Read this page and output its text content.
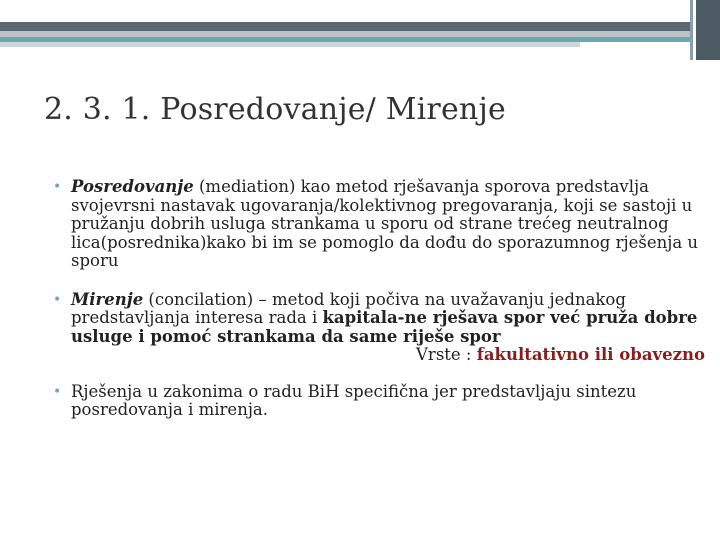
2. 3. 1. Posredovanje/ Mirenje
• Posredovanje (mediation) kao metod rješavanja sporova predstavlja svojevrsni nastavak ugovaranja/kolektivnog pregovaranja, koji se sastoji u pružanju dobrih usluga strankama u sporu od strane trećeg neutralnog lica(posrednika)kako bi im se pomoglo da dođu do sporazumnog rješenja u sporu
• Mirenje (concilation) – metod koji počiva na uvažavanju jednakog predstavljanja interesa rada i kapitala-ne rješava spor već pruža dobre usluge i pomoć strankama da same riješe spor
Vrste : fakultativno ili obavezno
• Rješenja u zakonima o radu BiH specifična jer predstavljaju sintezu posredovanja i mirenja.
